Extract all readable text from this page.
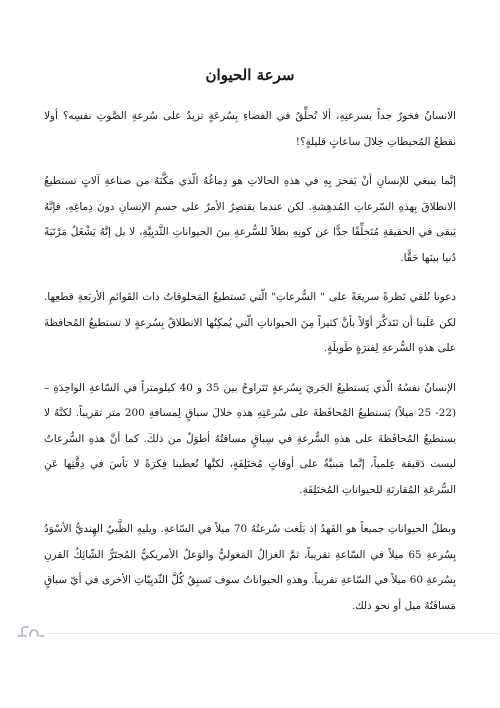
سرعة الحيوان

الانسانُ فخورٌ جداً بسرعتِهِ، ألا تُحلِّقُ في الفضاءِ بِسُرعَةٍ تزيدُ على سُرعةِ الصَّوتِ نفسِه؟ أولا نقطعُ المُحيطاتِ خِلالَ ساعاتٍ قليلةٍ؟!

إنَّما ينبغي للإنسانِ أنْ يَفخرَ بِهِ في هذهِ الحالاتِ هو دِماغُهُ الّذي مَكَّنَهُ من صناعةِ آلاتٍ تستطيعُ الانطلاقَ بِهذهِ السّرعاتِ المُدهِشةِ. لكن عندما يقتصِرُ الأمرُ على جسمِ الإنسانِ دونَ دِماغِهِ، فإنَّهُ يَبقى في الحقيقةِ مُتَخلِّفًا جدًّا عن كونِهِ بطلاً للسُّرعةِ بينَ الحيواناتِ الثَّديِيَّةِ، لا بل إنَّهُ يَشْغَلُ مَرْتَبَةً دُنيا بينَها حَقًّا.

دعونا نُلقي نَظرةً سريعَةً على " السُّرعاتِ" الّتي تَستطيعُ المَخلوقاتُ ذات القَوائمِ الأربَعةِ قطعِها. لكن عَلَينا أن نَتَذكَّرَ أوّلاً بأنَّ كثيراً مِنَ الحيواناتِ الّتي يُمكِنُها الانطلاقُ بِسُرعةٍ لا تستطيعُ المُحافظةَ على هذهِ السُّرعةِ لِفترَةٍ طَويلَةٍ.

الإنسانُ نفسُهُ الّذي يَستطيعُ الجَريَ بِسُرعةٍ تَتَراوحُ بين 35 و 40 كيلومتراً في السّاعةِ الواحِدَةِ – (22- 25 ميلاً) يَستطيعُ المُحافَظةَ على سُرعَتِهِ هذهِ خلالَ سباقٍ لِمسافةِ 200 متر تقريباً. لكنَّهُ لا يستطيعُ المُحافَظةَ على هذهِ السُّرعةِ في سِباقٍ مسافتُهُ أطوَلُ من ذلكَ. كما أنَّ هذهِ السُّرعاتُ ليست دَقيقة عِلمياً، إنَّما مَبنيَّةٌ على أوقاتٍ مُختَلِفَةٍ، لكنَّها تُعطينا فِكرَةً لا بَأسَ في دِقَّتِها عَنِ السُّرعَةِ المُقارنَةِ للحيواناتِ المُختَلِفَةِ.

وبطلُ الحيواناتِ جميعاً هو الفَهدُ إذ بَلَغت سُرعتُهُ 70 ميلاً في السّاعةِ. ويليهِ الظَّبيُ الهِنديُّ الأسْوَدُ بِسُرعةِ 65 ميلاً في السّاعةِ تقريباً، ثمَّ الغزالُ المَغوليُّ والوَعلُ الأمريكيُّ المُجتَرُّ الشّائِكُ القرنِ بِسُرعةِ 60 ميلاً في السّاعةِ تقريباً. وهذهِ الحيواناتُ سوف تَسبِقُ كُلَّ الثّديِيّاتِ الأخرى في أيّ سباقٍ مَسافَتُهُ ميل أو نحو ذلك.
